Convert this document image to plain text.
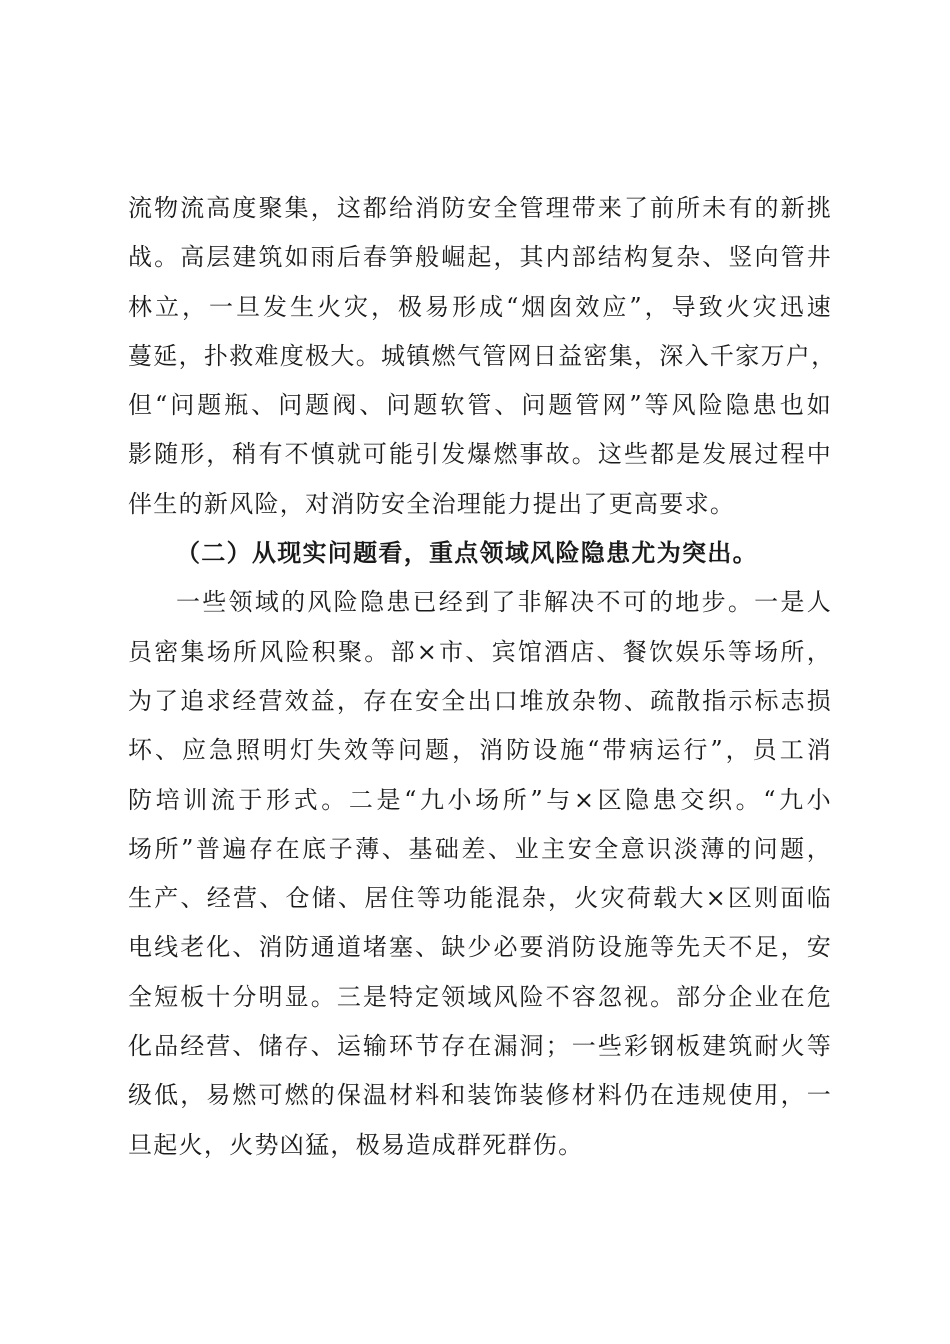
流物流高度聚集，这都给消防安全管理带来了前所未有的新挑
战。高层建筑如雨后春笋般崛起，其内部结构复杂、竖向管井
林立，一旦发生火灾，极易形成“烟囱效应”，导致火灾迅速
蔓延，扑救难度极大。城镇燃气管网日益密集，深入千家万户，
但“问题瓶、问题阀、问题软管、问题管网”等风险隐患也如
影随形，稍有不慎就可能引发爆燃事故。这些都是发展过程中
伴生的新风险，对消防安全治理能力提出了更高要求。
（二）从现实问题看，重点领域风险隐患尤为突出。
一些领域的风险隐患已经到了非解决不可的地步。一是人
员密集场所风险积聚。部×市、宾馆酒店、餐饮娱乐等场所，
为了追求经营效益，存在安全出口堆放杂物、疏散指示标志损
坏、应急照明灯失效等问题，消防设施“带病运行”，员工消
防培训流于形式。二是“九小场所”与×区隐患交织。“九小
场所”普遍存在底子薄、基础差、业主安全意识淡薄的问题，
生产、经营、仓储、居住等功能混杂，火灾荷载大×区则面临
电线老化、消防通道堵塞、缺少必要消防设施等先天不足，安
全短板十分明显。三是特定领域风险不容忽视。部分企业在危
化品经营、储存、运输环节存在漏洞；一些彩钢板建筑耐火等
级低，易燃可燃的保温材料和装饰装修材料仍在违规使用，一
旦起火，火势凶猛，极易造成群死群伤。
